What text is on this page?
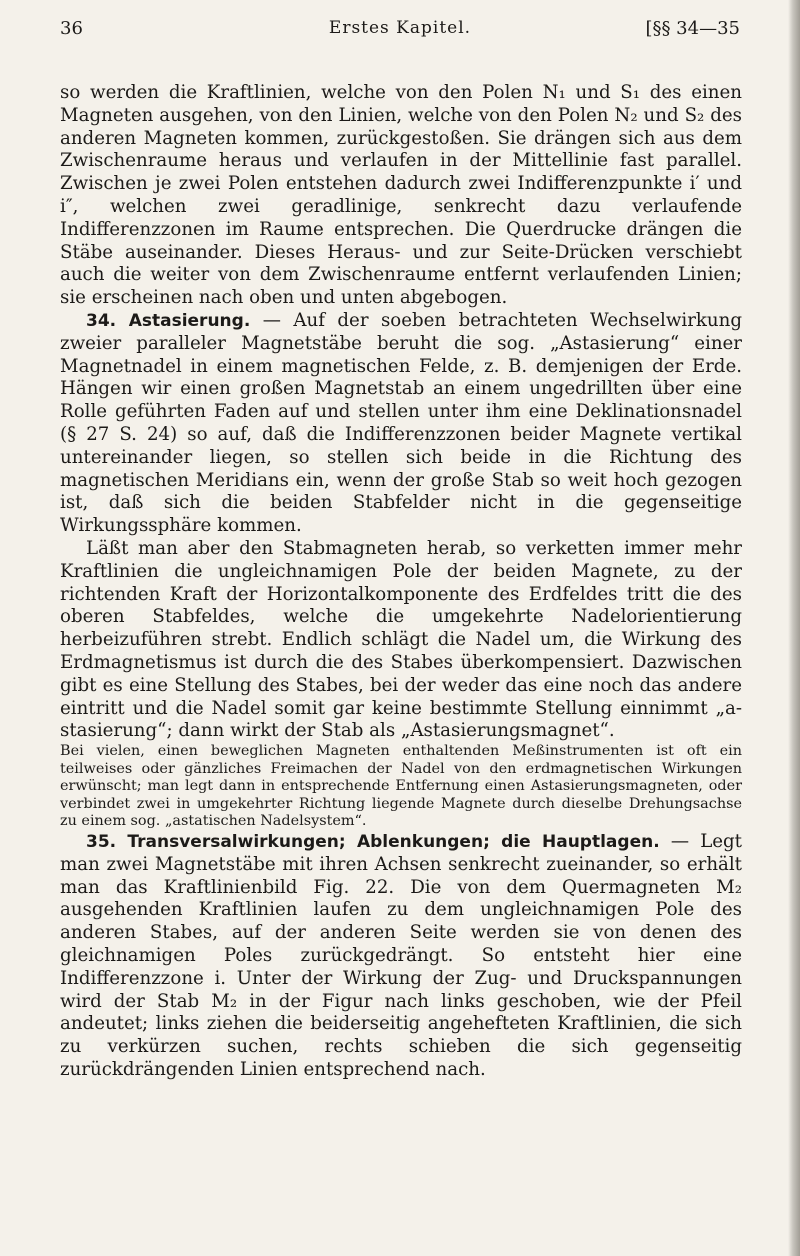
36	Erstes Kapitel.	[§§ 34—35

so werden die Kraftlinien, welche von den Polen N₁ und S₁ des einen Magneten ausgehen, von den Linien, welche von den Polen N₂ und S₂ des anderen Magneten kommen, zurückgestoßen. Sie drängen sich aus dem Zwischenraume heraus und verlaufen in der Mittellinie fast parallel. Zwischen je zwei Polen entstehen dadurch zwei Indifferenzpunkte i′ und i″, welchen zwei geradlinige, senkrecht dazu verlaufende Indifferenzzonen im Raume entsprechen. Die Querdrucke drängen die Stäbe auseinander. Dieses Heraus- und zur Seite-Drücken verschiebt auch die weiter von dem Zwischenraume entfernt verlaufenden Linien; sie erscheinen nach oben und unten abgebogen.

34. Astasierung. — Auf der soeben betrachteten Wechselwirkung zweier paralleler Magnetstäbe beruht die sog. „Astasierung“ einer Magnetnadel in einem magnetischen Felde, z. B. demjenigen der Erde. Hängen wir einen großen Magnetstab an einem ungedrillten über eine Rolle geführten Faden auf und stellen unter ihm eine Deklinationsnadel (§ 27 S. 24) so auf, daß die Indifferenzzonen beider Magnete vertikal untereinander liegen, so stellen sich beide in die Richtung des magnetischen Meridians ein, wenn der große Stab so weit hoch gezogen ist, daß sich die beiden Stabfelder nicht in die gegenseitige Wirkungssphäre kommen.

Läßt man aber den Stabmagneten herab, so verketten immer mehr Kraftlinien die ungleichnamigen Pole der beiden Magnete, zu der richtenden Kraft der Horizontalkomponente des Erdfeldes tritt die des oberen Stabfeldes, welche die umgekehrte Nadelorientierung herbeizuführen strebt. Endlich schlägt die Nadel um, die Wirkung des Erdmagnetismus ist durch die des Stabes überkompensiert. Dazwischen gibt es eine Stellung des Stabes, bei der weder das eine noch das andere eintritt und die Nadel somit gar keine bestimmte Stellung einnimmt „a-stasierung“; dann wirkt der Stab als „Astasierungsmagnet“.

Bei vielen, einen beweglichen Magneten enthaltenden Meßinstrumenten ist oft ein teilweises oder gänzliches Freimachen der Nadel von den erdmagnetischen Wirkungen erwünscht; man legt dann in entsprechende Entfernung einen Astasierungsmagneten, oder verbindet zwei in umgekehrter Richtung liegende Magnete durch dieselbe Drehungsachse zu einem sog. „astatischen Nadelsystem“.

35. Transversalwirkungen; Ablenkungen; die Hauptlagen. — Legt man zwei Magnetstäbe mit ihren Achsen senkrecht zueinander, so erhält man das Kraftlinienbild Fig. 22. Die von dem Quermagneten M₂ ausgehenden Kraftlinien laufen zu dem ungleichnamigen Pole des anderen Stabes, auf der anderen Seite werden sie von denen des gleichnamigen Poles zurückgedrängt. So entsteht hier eine Indifferenzzone i. Unter der Wirkung der Zug- und Druckspannungen wird der Stab M₂ in der Figur nach links geschoben, wie der Pfeil andeutet; links ziehen die beiderseitig angehefteten Kraftlinien, die sich zu verkürzen suchen, rechts schieben die sich gegenseitig zurückdrängenden Linien entsprechend nach.
